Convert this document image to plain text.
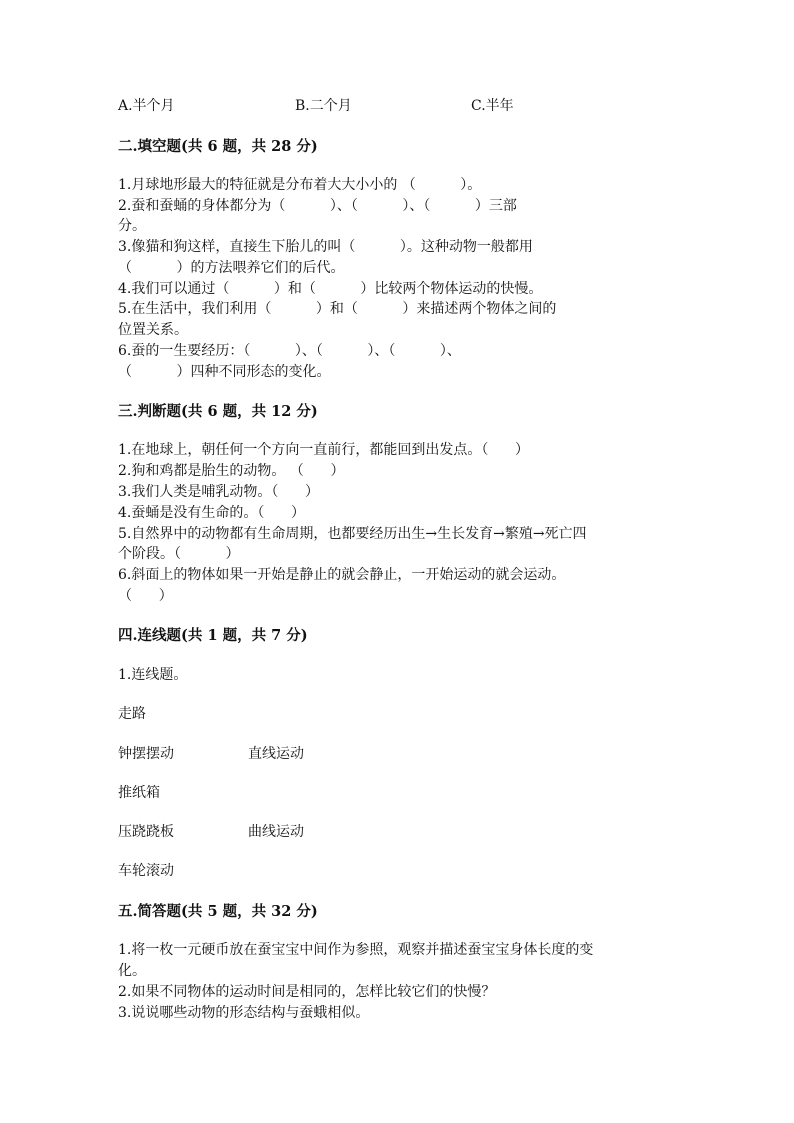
A.半个月	B.二个月	C.半年
二.填空题(共 6 题，共 28 分)
1.月球地形最大的特征就是分布着大大小小的 （          ）。
2.蚕和蚕蛹的身体都分为（          ）、（          ）、（          ）三部
分。
3.像猫和狗这样，直接生下胎儿的叫（          ）。这种动物一般都用
（          ）的方法喂养它们的后代。
4.我们可以通过（          ）和（          ）比较两个物体运动的快慢。
5.在生活中，我们利用（          ）和（          ）来描述两个物体之间的
位置关系。
6.蚕的一生要经历：（          ）、（          ）、（          ）、
（          ）四种不同形态的变化。
三.判断题(共 6 题，共 12 分)
1.在地球上，朝任何一个方向一直前行，都能回到出发点。（      ）
2.狗和鸡都是胎生的动物。 （      ）
3.我们人类是哺乳动物。（      ）
4.蚕蛹是没有生命的。（      ）
5.自然界中的动物都有生命周期，也都要经历出生→生长发育→繁殖→死亡四
个阶段。（          ）
6.斜面上的物体如果一开始是静止的就会静止，一开始运动的就会运动。
（      ）
四.连线题(共 1 题，共 7 分)
1.连线题。
走路
钟摆摆动	直线运动
推纸箱
压跷跷板	曲线运动
车轮滚动
五.简答题(共 5 题，共 32 分)
1.将一枚一元硬币放在蚕宝宝中间作为参照，观察并描述蚕宝宝身体长度的变
化。
2.如果不同物体的运动时间是相同的，怎样比较它们的快慢？
3.说说哪些动物的形态结构与蚕蛾相似。
